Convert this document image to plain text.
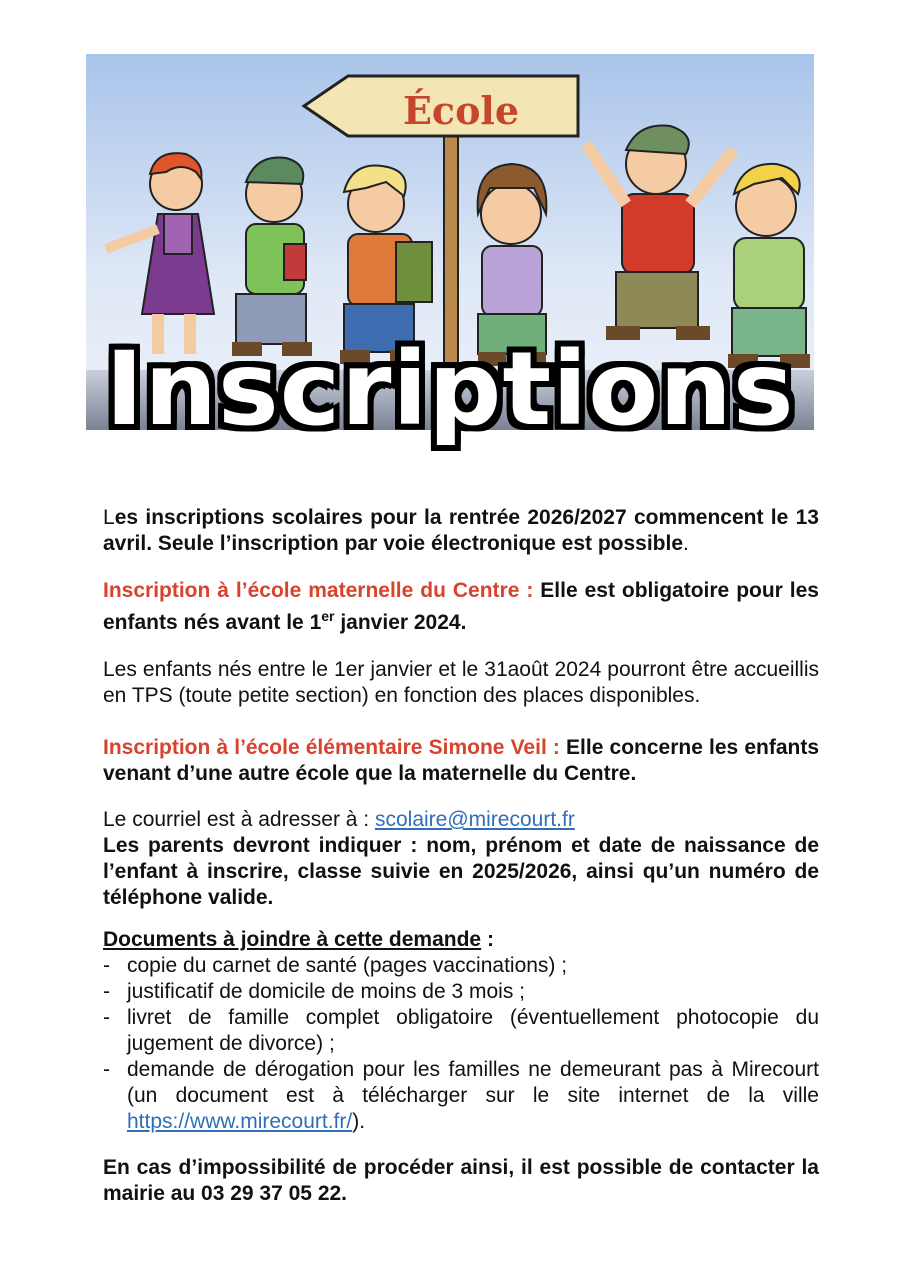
École
Inscriptions

Les inscriptions scolaires pour la rentrée 2026/2027 commencent le 13 avril. Seule l’inscription par voie électronique est possible.

Inscription à l’école maternelle du Centre : Elle est obligatoire pour les enfants nés avant le 1er janvier 2024.

Les enfants nés entre le 1er janvier et le 31août 2024 pourront être accueillis en TPS (toute petite section) en fonction des places disponibles.

Inscription à l’école élémentaire Simone Veil : Elle concerne les enfants venant d’une autre école que la maternelle du Centre.

Le courriel est à adresser à : scolaire@mirecourt.fr

Les parents devront indiquer : nom, prénom et date de naissance de l’enfant à inscrire, classe suivie en 2025/2026, ainsi qu’un numéro de téléphone valide.

Documents à joindre à cette demande :

- copie du carnet de santé (pages vaccinations) ;
- justificatif de domicile de moins de 3 mois ;
- livret de famille complet obligatoire (éventuellement photocopie du jugement de divorce) ;
- demande de dérogation pour les familles ne demeurant pas à Mirecourt (un document est à télécharger sur le site internet de la ville https://www.mirecourt.fr/).

En cas d’impossibilité de procéder ainsi, il est possible de contacter la mairie au 03 29 37 05 22.
